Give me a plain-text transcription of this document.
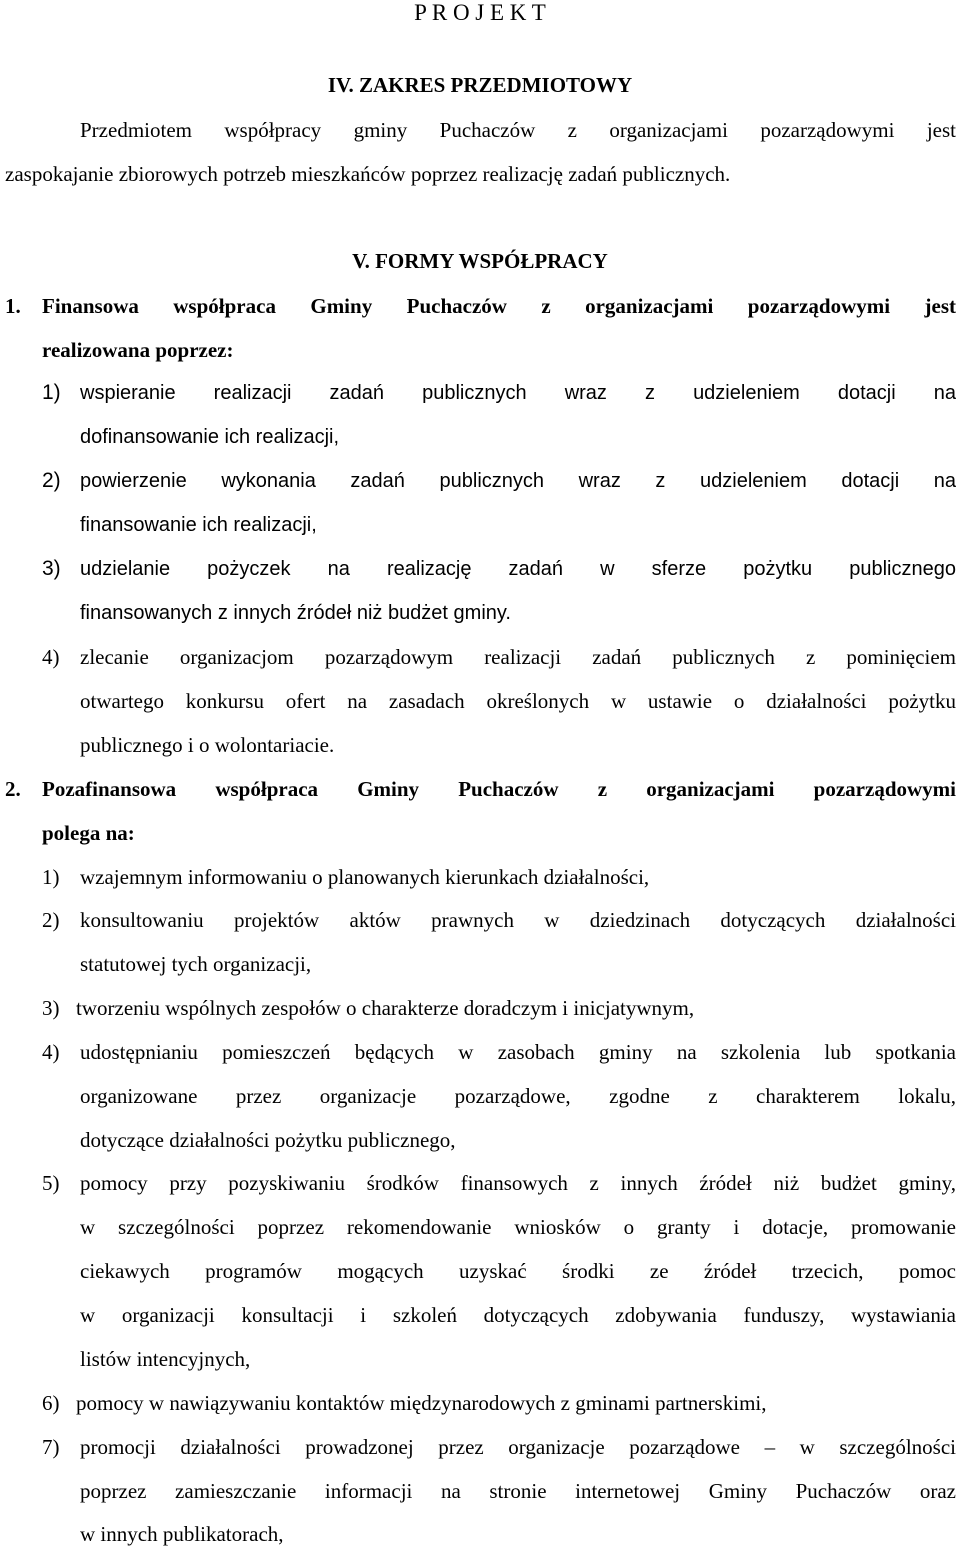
P R O J E K T
IV. ZAKRES PRZEDMIOTOWY
Przedmiotem współpracy gminy Puchaczów z organizacjami pozarządowymi jest
zaspokajanie zbiorowych potrzeb mieszkańców poprzez realizację zadań publicznych.
V. FORMY WSPÓŁPRACY
1. Finansowa współpraca Gminy Puchaczów z organizacjami pozarządowymi jest
realizowana poprzez:
1) wspieranie realizacji zadań publicznych wraz z udzieleniem dotacji na
dofinansowanie ich realizacji,
2) powierzenie wykonania zadań publicznych wraz z udzieleniem dotacji na
finansowanie ich realizacji,
3) udzielanie pożyczek na realizację zadań w sferze pożytku publicznego
finansowanych z innych źródeł niż budżet gminy.
4) zlecanie organizacjom pozarządowym realizacji zadań publicznych z pominięciem
otwartego konkursu ofert na zasadach określonych w ustawie o działalności pożytku
publicznego i o wolontariacie.
2. Pozafinansowa współpraca Gminy Puchaczów z organizacjami pozarządowymi
polega na:
1) wzajemnym informowaniu o planowanych kierunkach działalności,
2) konsultowaniu projektów aktów prawnych w dziedzinach dotyczących działalności
statutowej tych organizacji,
3) tworzeniu wspólnych zespołów o charakterze doradczym i inicjatywnym,
4) udostępnianiu pomieszczeń będących w zasobach gminy na szkolenia lub spotkania
organizowane przez organizacje pozarządowe, zgodne z charakterem lokalu,
dotyczące działalności pożytku publicznego,
5) pomocy przy pozyskiwaniu środków finansowych z innych źródeł niż budżet gminy,
w szczególności poprzez rekomendowanie wniosków o granty i dotacje, promowanie
ciekawych programów mogących uzyskać środki ze źródeł trzecich, pomoc
w organizacji konsultacji i szkoleń dotyczących zdobywania funduszy, wystawiania
listów intencyjnych,
6) pomocy w nawiązywaniu kontaktów międzynarodowych z gminami partnerskimi,
7) promocji działalności prowadzonej przez organizacje pozarządowe – w szczególności
poprzez zamieszczanie informacji na stronie internetowej Gminy Puchaczów oraz
w innych publikatorach,
